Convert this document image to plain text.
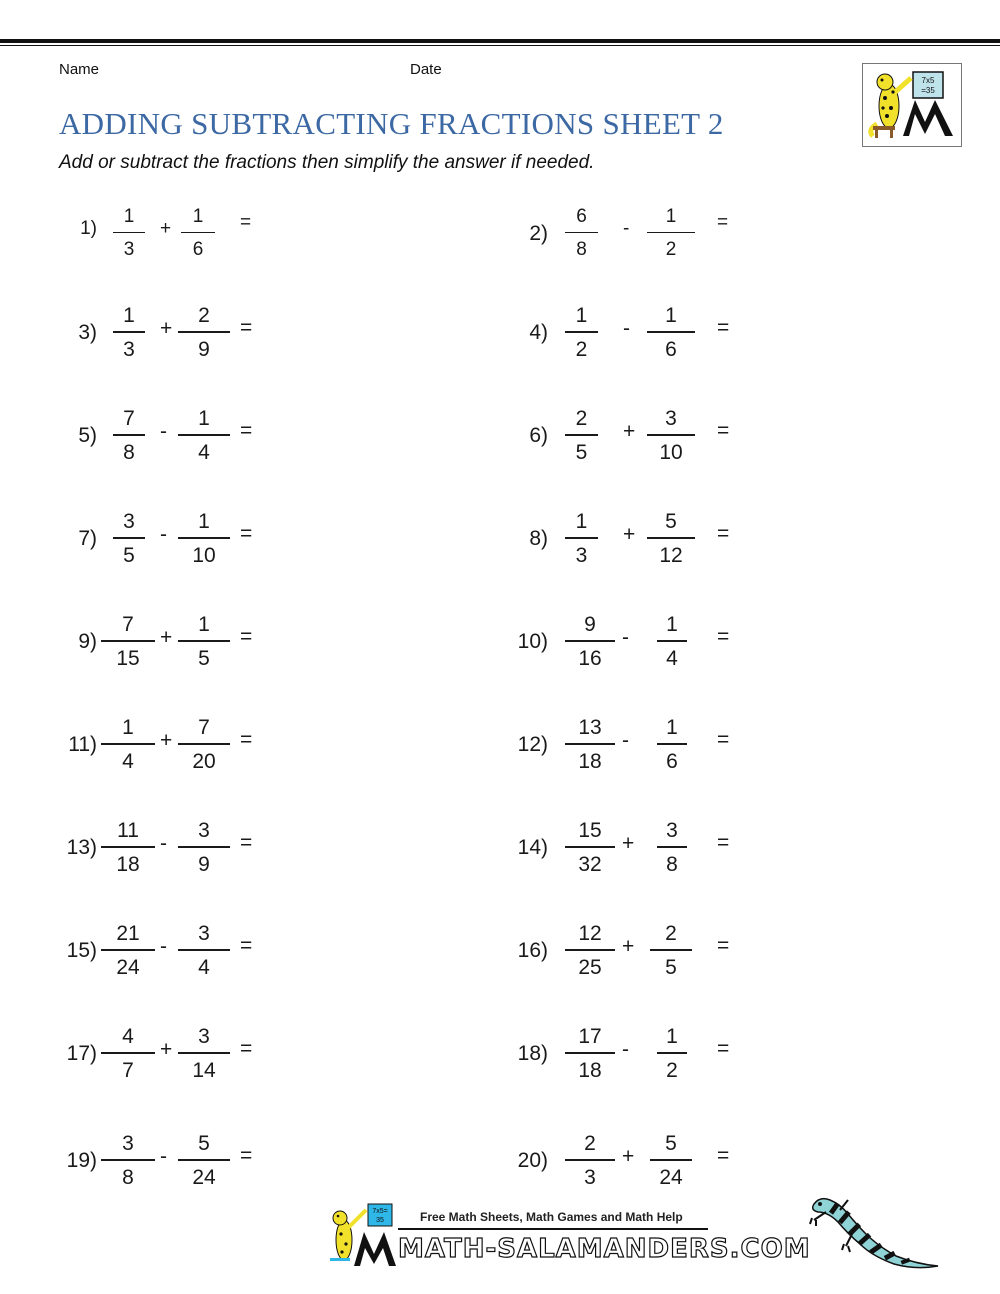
Name	Date
ADDING SUBTRACTING FRACTIONS SHEET 2
Add or subtract the fractions then simplify the answer if needed.
7x5
=35
1)
1
3
+
1
6
=	2)
6
8
-
1
2
=
3)
1
3
+
2
9
=	4)
1
2
-
1
6
=
5)
7
8
-
1
4
=	6)
2
5
+
3
10
=
7)
3
5
-
1
10
=	8)
1
3
+
5
12
=
9)
7
15
+
1
5
=	10)
9
16
-
1
4
=
11)
1
4
+
7
20
=	12)
13
18
-
1
6
=
13)
11
18
-
3
9
=	14)
15
32
+
3
8
=
15)
21
24
-
3
4
=	16)
12
25
+
2
5
=
17)
4
7
+
3
14
=	18)
17
18
-
1
2
=
19)
3
8
-
5
24
=	20)
2
3
+
5
24
=
7x5=
35	Free Math Sheets, Math Games and Math Help
MATH-SALAMANDERS.COM
